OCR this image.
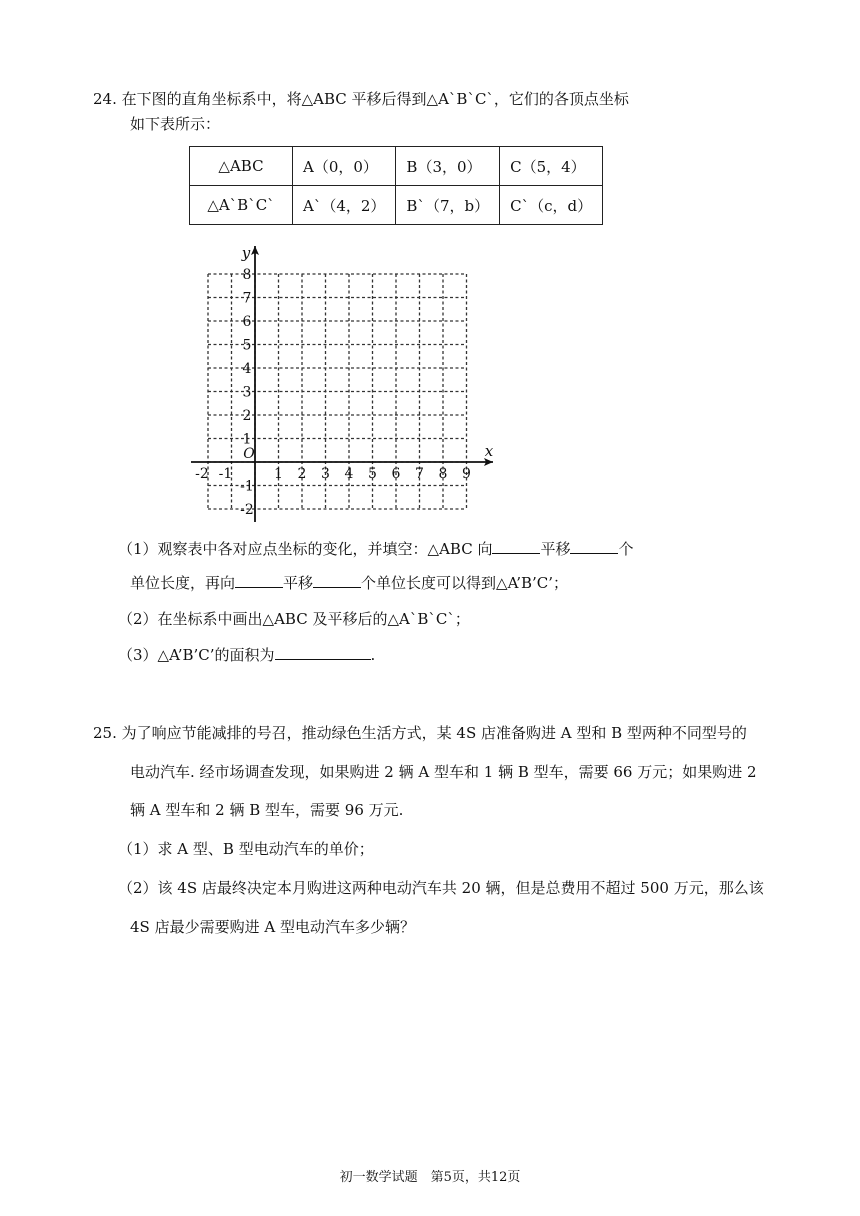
24. 在下图的直角坐标系中，将△ABC 平移后得到△A`B`C`，它们的各顶点坐标
如下表所示：
△ABC	A（0，0）	B（3，0）	C（5，4）
△A`B`C`	A`（4，2）	B`（7，b）	C`（c，d）
y
x
O
-2 -1	1 2 3 4 5 6 7 8 9
8
7
6
5
4
3
2
1
-1
-2
（1）观察表中各对应点坐标的变化，并填空：△ABC 向	平移	个
单位长度，再向	平移	个单位长度可以得到△A’B’C’；
（2）在坐标系中画出△ABC 及平移后的△A`B`C`；
（3）△A’B’C’的面积为	.
25. 为了响应节能减排的号召，推动绿色生活方式，某 4S 店准备购进 A 型和 B 型两种不同型号的
电动汽车. 经市场调查发现，如果购进 2 辆 A 型车和 1 辆 B 型车，需要 66 万元；如果购进 2
辆 A 型车和 2 辆 B 型车，需要 96 万元.
（1）求 A 型、B 型电动汽车的单价；
（2）该 4S 店最终决定本月购进这两种电动汽车共 20 辆，但是总费用不超过 500 万元，那么该
4S 店最少需要购进 A 型电动汽车多少辆？
初一数学试题　第5页，共12页
